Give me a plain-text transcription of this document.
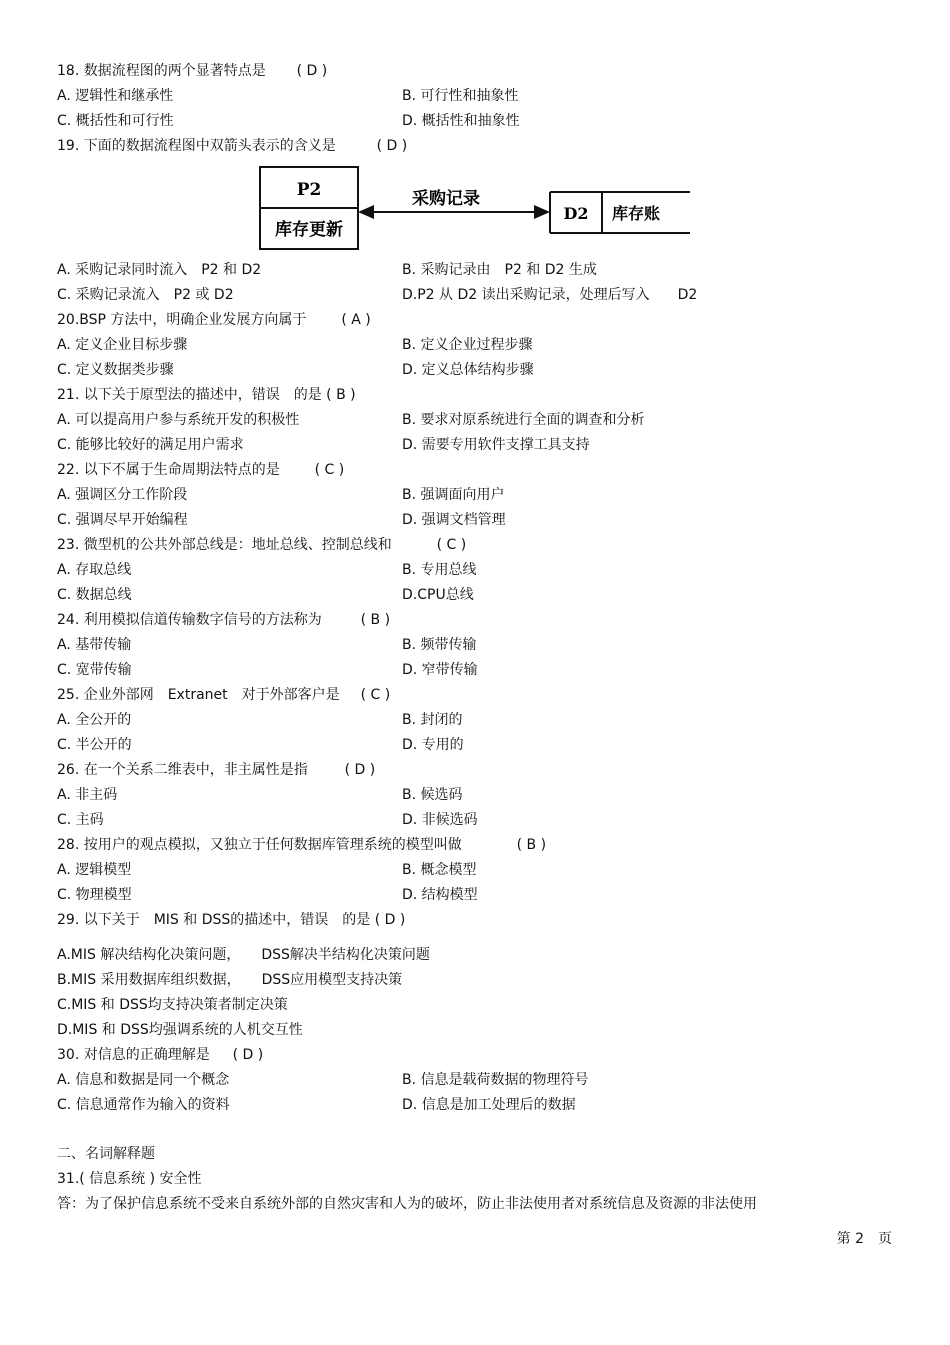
18. 数据流程图的两个显著特点是 ( D )
A. 逻辑性和继承性	B. 可行性和抽象性
C. 概括性和可行性	D. 概括性和抽象性
19. 下面的数据流程图中双箭头表示的含义是	( D )
P2
库存更新
采购记录
D2 库存账
A. 采购记录同时流入　P2 和 D2	B. 采购记录由　P2 和 D2 生成
C. 采购记录流入　P2 或 D2	D.P2 从 D2 读出采购记录，处理后写入　　D2
20.BSP 方法中，明确企业发展方向属于 ( A )
A. 定义企业目标步骤	B. 定义企业过程步骤
C. 定义数据类步骤	D. 定义总体结构步骤
21. 以下关于原型法的描述中，错误　的是 ( B )
A. 可以提高用户参与系统开发的积极性	B. 要求对原系统进行全面的调查和分析
C. 能够比较好的满足用户需求	D. 需要专用软件支撑工具支持
22. 以下不属于生命周期法特点的是 ( C )
A. 强调区分工作阶段	B. 强调面向用户
C. 强调尽早开始编程	D. 强调文档管理
23. 微型机的公共外部总线是：地址总线、控制总线和	( C )
A. 存取总线	B. 专用总线
C. 数据总线	D.CPU总线
24. 利用模拟信道传输数字信号的方法称为	( B )
A. 基带传输	B. 频带传输
C. 宽带传输	D. 窄带传输
25. 企业外部网　Extranet　对于外部客户是 ( C )
A. 全公开的	B. 封闭的
C. 半公开的	D. 专用的
26. 在一个关系二维表中，非主属性是指	( D )
A. 非主码	B. 候选码
C. 主码	D. 非候选码
28. 按用户的观点模拟，又独立于任何数据库管理系统的模型叫做	( B )
A. 逻辑模型	B. 概念模型
C. 物理模型	D. 结构模型
29. 以下关于　MIS 和 DSS的描述中，错误　的是 ( D )
A.MIS 解决结构化决策问题，　　DSS解决半结构化决策问题
B.MIS 采用数据库组织数据，　　DSS应用模型支持决策
C.MIS 和 DSS均支持决策者制定决策
D.MIS 和 DSS均强调系统的人机交互性
30. 对信息的正确理解是 ( D )
A. 信息和数据是同一个概念	B. 信息是载荷数据的物理符号
C. 信息通常作为输入的资料	D. 信息是加工处理后的数据
二、名词解释题
31.( 信息系统 ) 安全性
答：为了保护信息系统不受来自系统外部的自然灾害和人为的破坏，防止非法使用者对系统信息及资源的非法使用
第 2　页
